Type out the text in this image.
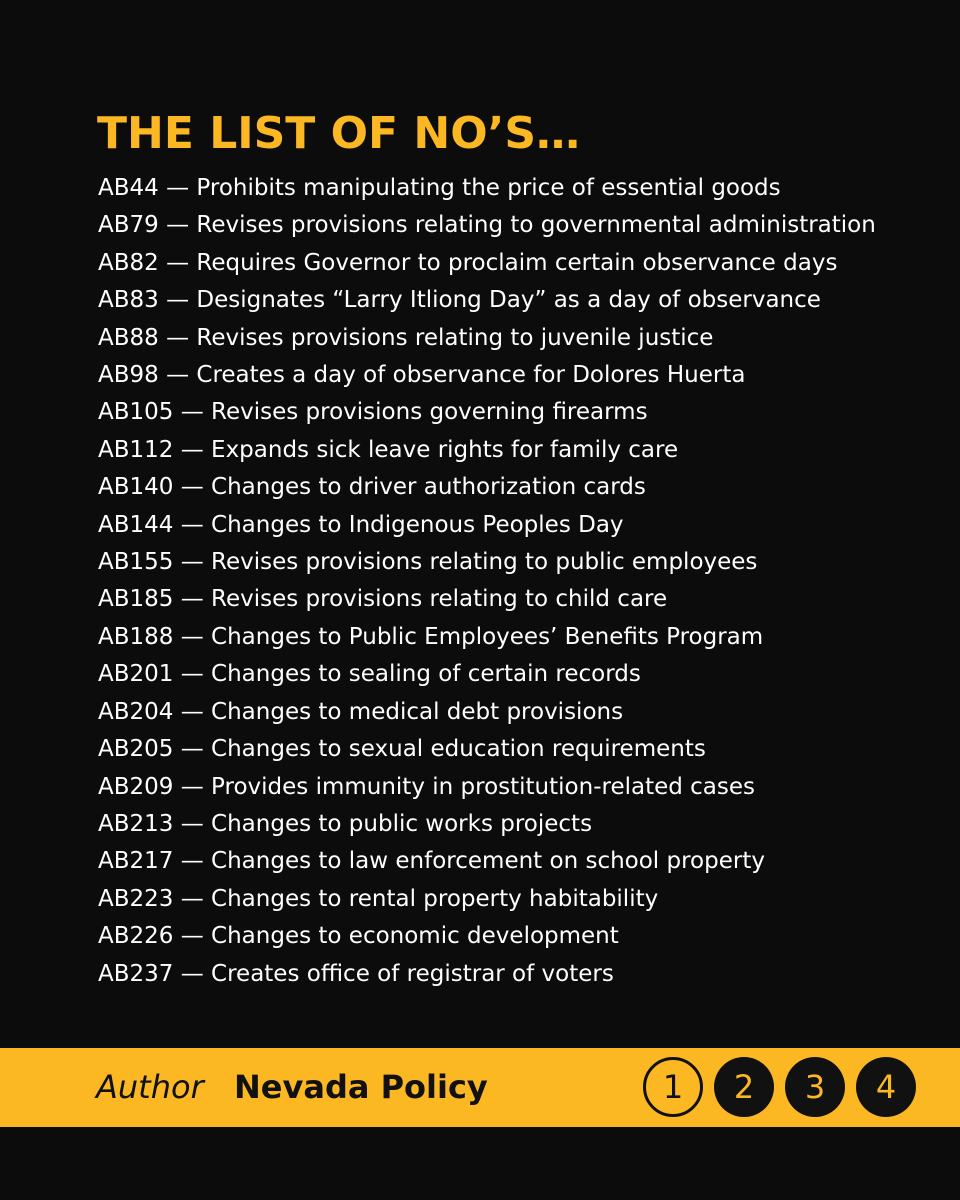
THE LIST OF NO’S…
AB44 — Prohibits manipulating the price of essential goods
AB79 — Revises provisions relating to governmental administration
AB82 — Requires Governor to proclaim certain observance days
AB83 — Designates “Larry Itliong Day” as a day of observance
AB88 — Revises provisions relating to juvenile justice
AB98 — Creates a day of observance for Dolores Huerta
AB105 — Revises provisions governing firearms
AB112 — Expands sick leave rights for family care
AB140 — Changes to driver authorization cards
AB144 — Changes to Indigenous Peoples Day
AB155 — Revises provisions relating to public employees
AB185 — Revises provisions relating to child care
AB188 — Changes to Public Employees’ Benefits Program
AB201 — Changes to sealing of certain records
AB204 — Changes to medical debt provisions
AB205 — Changes to sexual education requirements
AB209 — Provides immunity in prostitution-related cases
AB213 — Changes to public works projects
AB217 — Changes to law enforcement on school property
AB223 — Changes to rental property habitability
AB226 — Changes to economic development
AB237 — Creates office of registrar of voters
Author Nevada Policy	1	2	3	4
